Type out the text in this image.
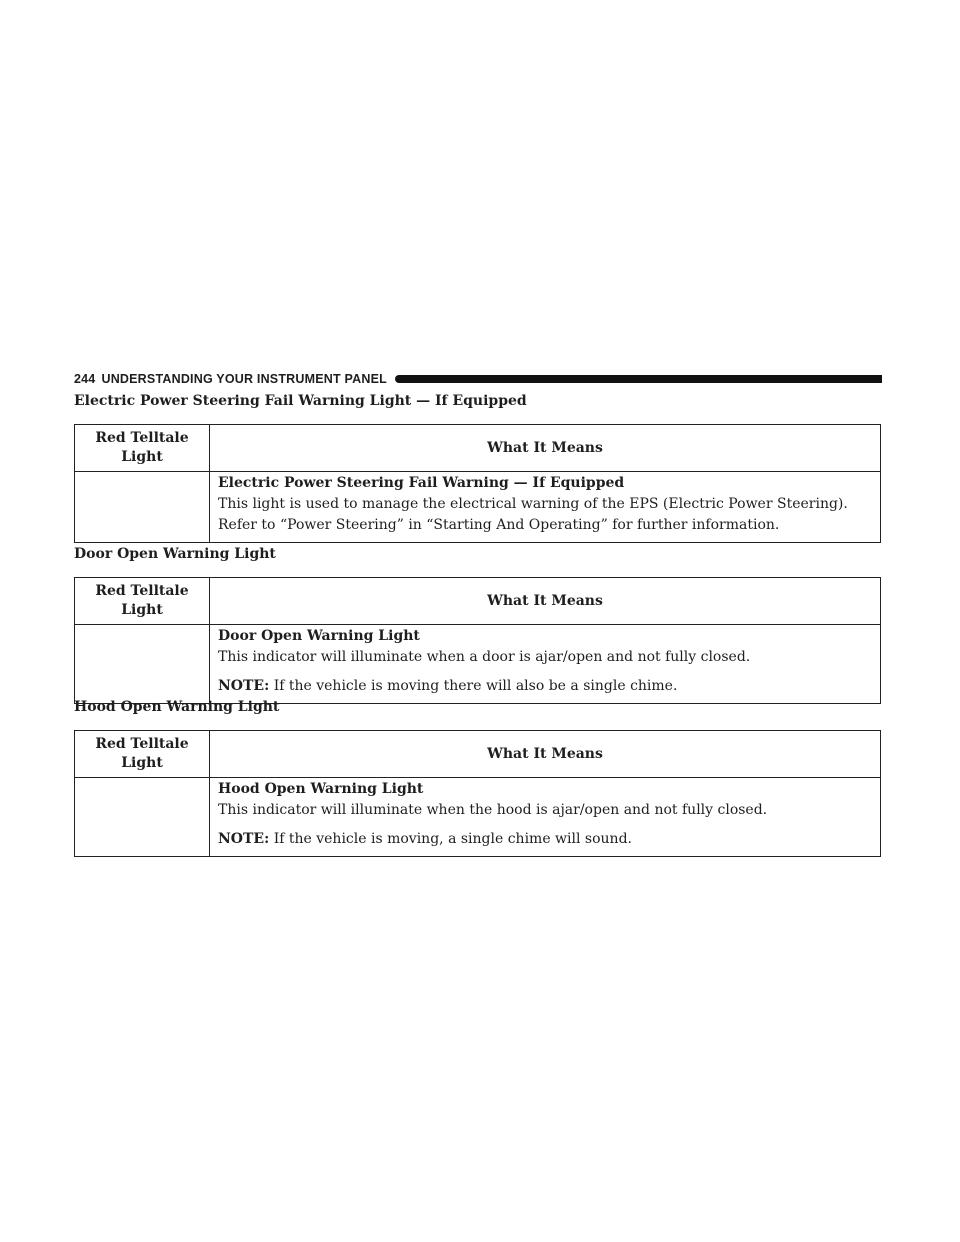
244 UNDERSTANDING YOUR INSTRUMENT PANEL
Electric Power Steering Fail Warning Light — If Equipped
Red Telltale Light	What It Means

	Electric Power Steering Fail Warning — If Equipped

This light is used to manage the electrical warning of the EPS (Electric Power Steering). Refer to “Power Steering” in “Starting And Operating” for further information.

Door Open Warning Light
Red Telltale Light	What It Means

	Door Open Warning Light

This indicator will illuminate when a door is ajar/open and not fully closed.

NOTE: If the vehicle is moving there will also be a single chime.

Hood Open Warning Light
Red Telltale Light	What It Means

	Hood Open Warning Light

This indicator will illuminate when the hood is ajar/open and not fully closed.

NOTE: If the vehicle is moving, a single chime will sound.
